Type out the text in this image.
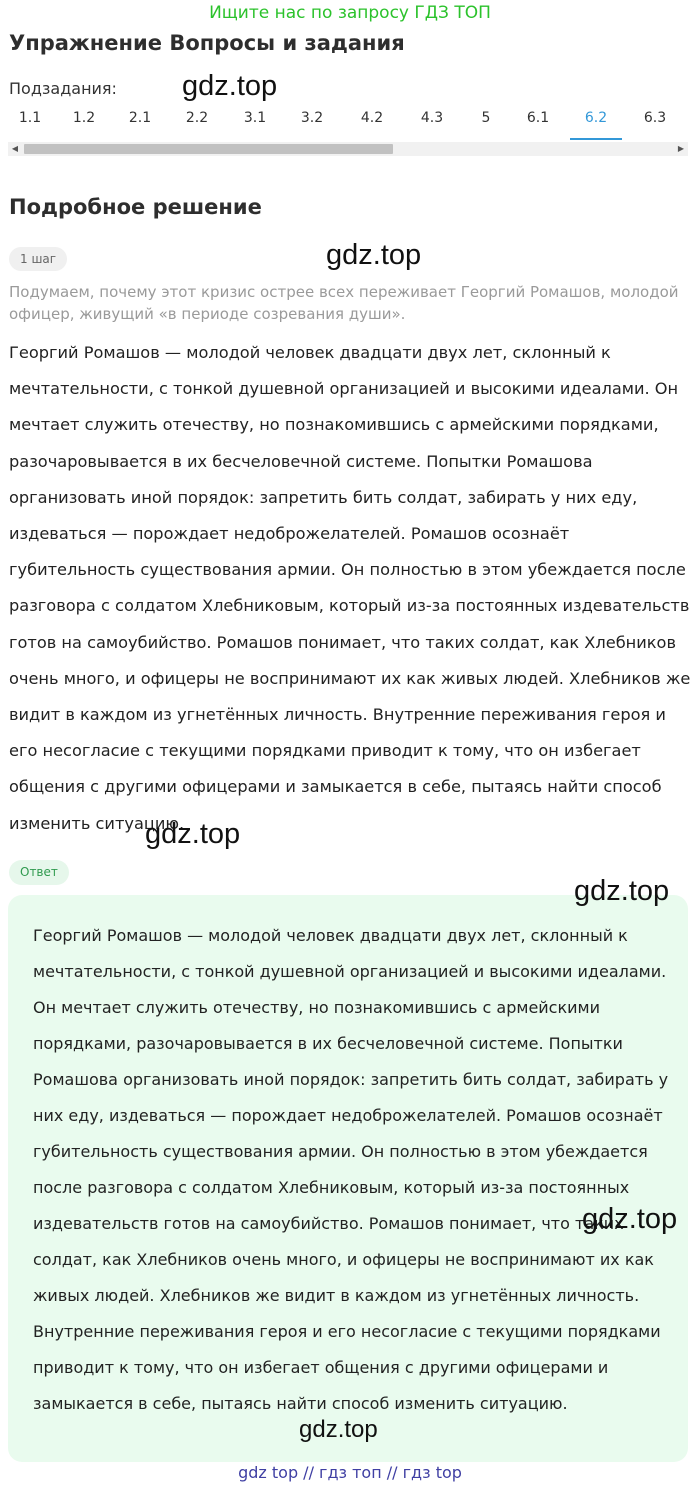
Ищите нас по запросу ГДЗ ТОП
Упражнение Вопросы и задания
Подзадания:
1.1	1.2	2.1	2.2	3.1	3.2	4.2	4.3	5	6.1	6.2	6.3
◀	▶
Подробное решение
1 шаг

Подумаем, почему этот кризис острее всех переживает Георгий Ромашов, молодой офицер, живущий «в периоде созревания души».

Георгий Ромашов — молодой человек двадцати двух лет, склонный к мечтательности, с тонкой душевной организацией и высокими идеалами. Он мечтает служить отечеству, но познакомившись с армейскими порядками, разочаровывается в их бесчеловечной системе. Попытки Ромашова организовать иной порядок: запретить бить солдат, забирать у них еду, издеваться — порождает недоброжелателей. Ромашов осознаёт губительность существования армии. Он полностью в этом убеждается после разговора с солдатом Хлебниковым, который из-за постоянных издевательств готов на самоубийство. Ромашов понимает, что таких солдат, как Хлебников очень много, и офицеры не воспринимают их как живых людей. Хлебников же видит в каждом из угнетённых личность. Внутренние переживания героя и его несогласие с текущими порядками приводит к тому, что он избегает общения с другими офицерами и замыкается в себе, пытаясь найти способ изменить ситуацию.

Ответ

Георгий Ромашов — молодой человек двадцати двух лет, склонный к мечтательности, с тонкой душевной организацией и высокими идеалами. Он мечтает служить отечеству, но познакомившись с армейскими порядками, разочаровывается в их бесчеловечной системе. Попытки Ромашова организовать иной порядок: запретить бить солдат, забирать у них еду, издеваться — порождает недоброжелателей. Ромашов осознаёт губительность существования армии. Он полностью в этом убеждается после разговора с солдатом Хлебниковым, который из-за постоянных издевательств готов на самоубийство. Ромашов понимает, что таких солдат, как Хлебников очень много, и офицеры не воспринимают их как живых людей. Хлебников же видит в каждом из угнетённых личность. Внутренние переживания героя и его несогласие с текущими порядками приводит к тому, что он избегает общения с другими офицерами и замыкается в себе, пытаясь найти способ изменить ситуацию.

gdz.top
gdz.top
gdz.top
gdz.top
gdz.top
gdz.top
gdz top // гдз топ // гдз top
